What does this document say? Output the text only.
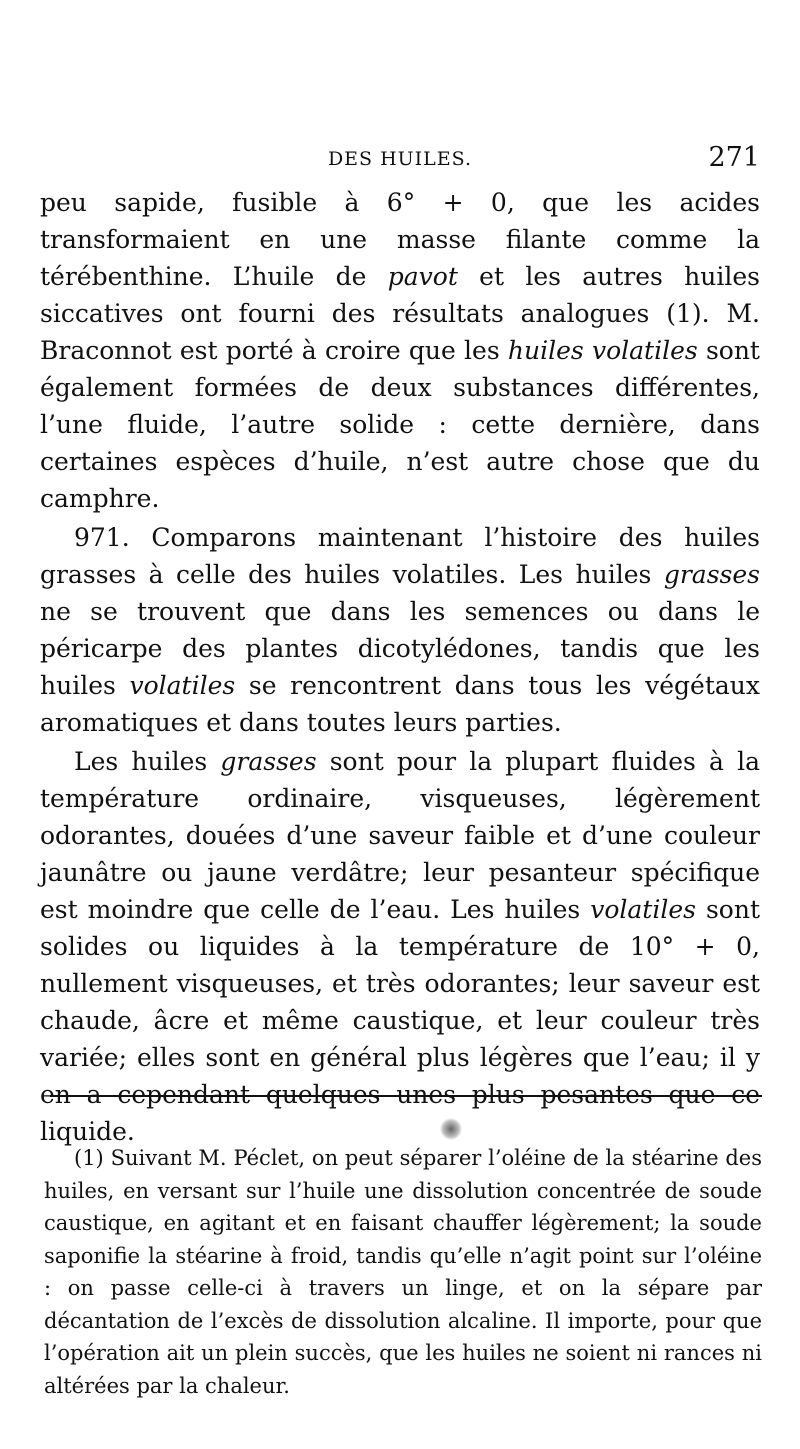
DES HUILES.	271

peu sapide, fusible à 6° + 0, que les acides transformaient en une masse filante comme la térébenthine. L’huile de pavot et les autres huiles siccatives ont fourni des résultats analogues (1). M. Braconnot est porté à croire que les huiles volatiles sont également formées de deux substances différentes, l’une fluide, l’autre solide : cette dernière, dans certaines espèces d’huile, n’est autre chose que du camphre.

971. Comparons maintenant l’histoire des huiles grasses à celle des huiles volatiles. Les huiles grasses ne se trouvent que dans les semences ou dans le péricarpe des plantes dicotylédones, tandis que les huiles volatiles se rencontrent dans tous les végétaux aromatiques et dans toutes leurs parties.

Les huiles grasses sont pour la plupart fluides à la température ordinaire, visqueuses, légèrement odorantes, douées d’une saveur faible et d’une couleur jaunâtre ou jaune verdâtre; leur pesanteur spécifique est moindre que celle de l’eau. Les huiles volatiles sont solides ou liquides à la température de 10° + 0, nullement visqueuses, et très odorantes; leur saveur est chaude, âcre et même caustique, et leur couleur très variée; elles sont en général plus légères que l’eau; il y en a cependant quelques unes plus pesantes que ce liquide.

(1) Suivant M. Péclet, on peut séparer l’oléine de la stéarine des huiles, en versant sur l’huile une dissolution concentrée de soude caustique, en agitant et en faisant chauffer légèrement; la soude saponifie la stéarine à froid, tandis qu’elle n’agit point sur l’oléine : on passe celle-ci à travers un linge, et on la sépare par décantation de l’excès de dissolution alcaline. Il importe, pour que l’opération ait un plein succès, que les huiles ne soient ni rances ni altérées par la chaleur.
